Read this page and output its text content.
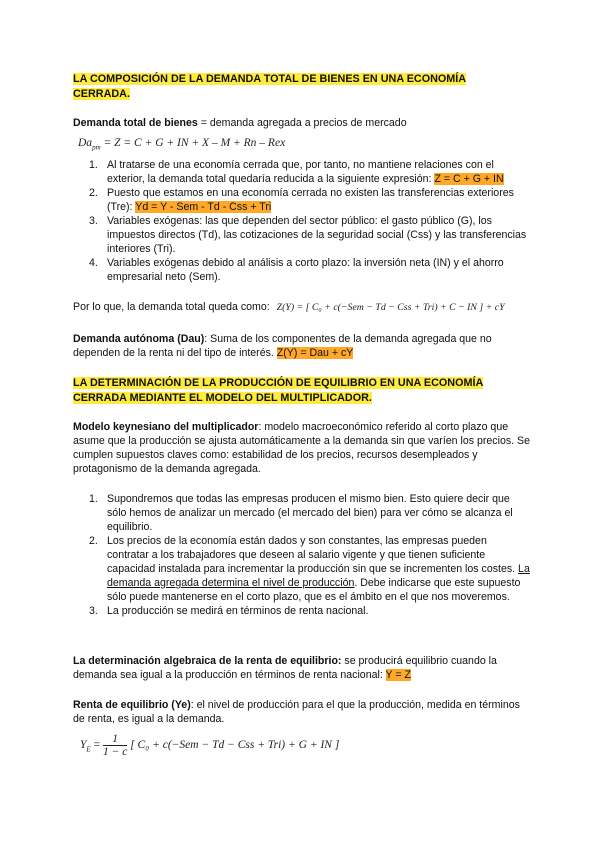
LA COMPOSICIÓN DE LA DEMANDA TOTAL DE BIENES EN UNA ECONOMÍA
CERRADA.
Demanda total de bienes = demanda agregada a precios de mercado
$Da_{pm} = Z = C + G$ + IN + X – M + Rn – Rex
1. Al tratarse de una economía cerrada que, por tanto, no mantiene relaciones con el exterior, la demanda total quedaría reducida a la siguiente expresión: Z = C + G + IN
2. Puesto que estamos en una economía cerrada no existen las transferencias exteriores (Tre): Yd = Y - Sem - Td - Css + Tri
3. Variables exógenas: las que dependen del sector público: el gasto público (G), los impuestos directos (Td), las cotizaciones de la seguridad social (Css) y las transferencias interiores (Tri).
4. Variables exógenas debido al análisis a corto plazo: la inversión neta (IN) y el ahorro empresarial neto (Sem).
Por lo que, la demanda total queda como: Z(Y) = [ C₀ + c(−Sem − Td − Css + Tri) + C − IN ] + cY
Demanda autónoma (Dau): Suma de los componentes de la demanda agregada que no dependen de la renta ni del tipo de interés. Z(Y) = Dau + cY
LA DETERMINACIÓN DE LA PRODUCCIÓN DE EQUILIBRIO EN UNA ECONOMÍA
CERRADA MEDIANTE EL MODELO DEL MULTIPLICADOR.
Modelo keynesiano del multiplicador: modelo macroeconómico referido al corto plazo que asume que la producción se ajusta automáticamente a la demanda sin que varíen los precios. Se cumplen supuestos claves como: estabilidad de los precios, recursos desempleados y protagonismo de la demanda agregada.
1. Supondremos que todas las empresas producen el mismo bien. Esto quiere decir que sólo hemos de analizar un mercado (el mercado del bien) para ver cómo se alcanza el equilibrio.
2. Los precios de la economía están dados y son constantes, las empresas pueden contratar a los trabajadores que deseen al salario vigente y que tienen suficiente capacidad instalada para incrementar la producción sin que se incrementen los costes. La demanda agregada determina el nivel de producción. Debe indicarse que este supuesto sólo puede mantenerse en el corto plazo, que es el ámbito en el que nos moveremos.
3. La producción se medirá en términos de renta nacional.
La determinación algebraica de la renta de equilibrio: se producirá equilibrio cuando la demanda sea igual a la producción en términos de renta nacional: Y = Z
Renta de equilibrio (Ye): el nivel de producción para el que la producción, medida en términos de renta, es igual a la demanda.
$Y_E = \frac{1}{1 - c}$ [ C₀ + c(−Sem − Td − Css + Tri) + G + IN ]
